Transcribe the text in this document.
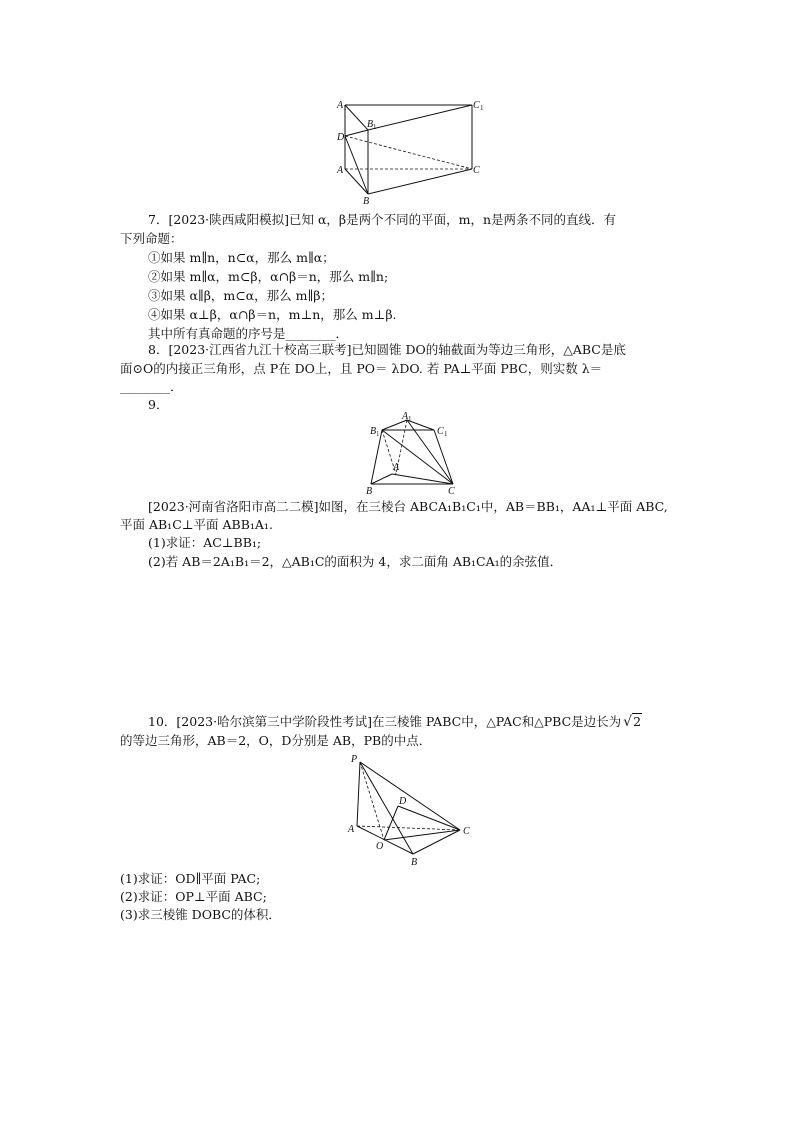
A 1
B 1
C 1
D
A
B
C
7．[2023·陕西咸阳模拟]已知 α，β是两个不同的平面，m，n是两条不同的直线．有
下列命题：
①如果 m∥n，n⊂α，那么 m∥α；
②如果 m∥α，m⊂β，α∩β＝n，那么 m∥n;
③如果 α∥β，m⊂α，那么 m∥β；
④如果 α⊥β，α∩β＝n，m⊥n，那么 m⊥β.
其中所有真命题的序号是________．
8．[2023·江西省九江十校高三联考]已知圆锥 DO的轴截面为等边三角形，△ABC是底
面⊙O的内接正三角形，点 P在 DO上，且 PO＝ λDO. 若 PA⊥平面 PBC，则实数 λ＝
________．
9．
A 1
B 1	C 1
A
B	C
[2023·河南省洛阳市高二二模]如图，在三棱台 ABCA₁B₁C₁中，AB＝BB₁，AA₁⊥平面 ABC,
平面 AB₁C⊥平面 ABB₁A₁.
(1)求证：AC⊥BB₁;
(2)若 AB＝2A₁B₁＝2，△AB₁C的面积为 4，求二面角 AB₁CA₁的余弦值．
10．[2023·哈尔滨第三中学阶段性考试]在三棱锥 PABC中，△PAC和△PBC是边长为 √2
的等边三角形，AB＝2，O，D分别是 AB，PB的中点．
P
D
A
O
B
C
(1)求证：OD∥平面 PAC;
(2)求证：OP⊥平面 ABC;
(3)求三棱锥 DOBC的体积．
